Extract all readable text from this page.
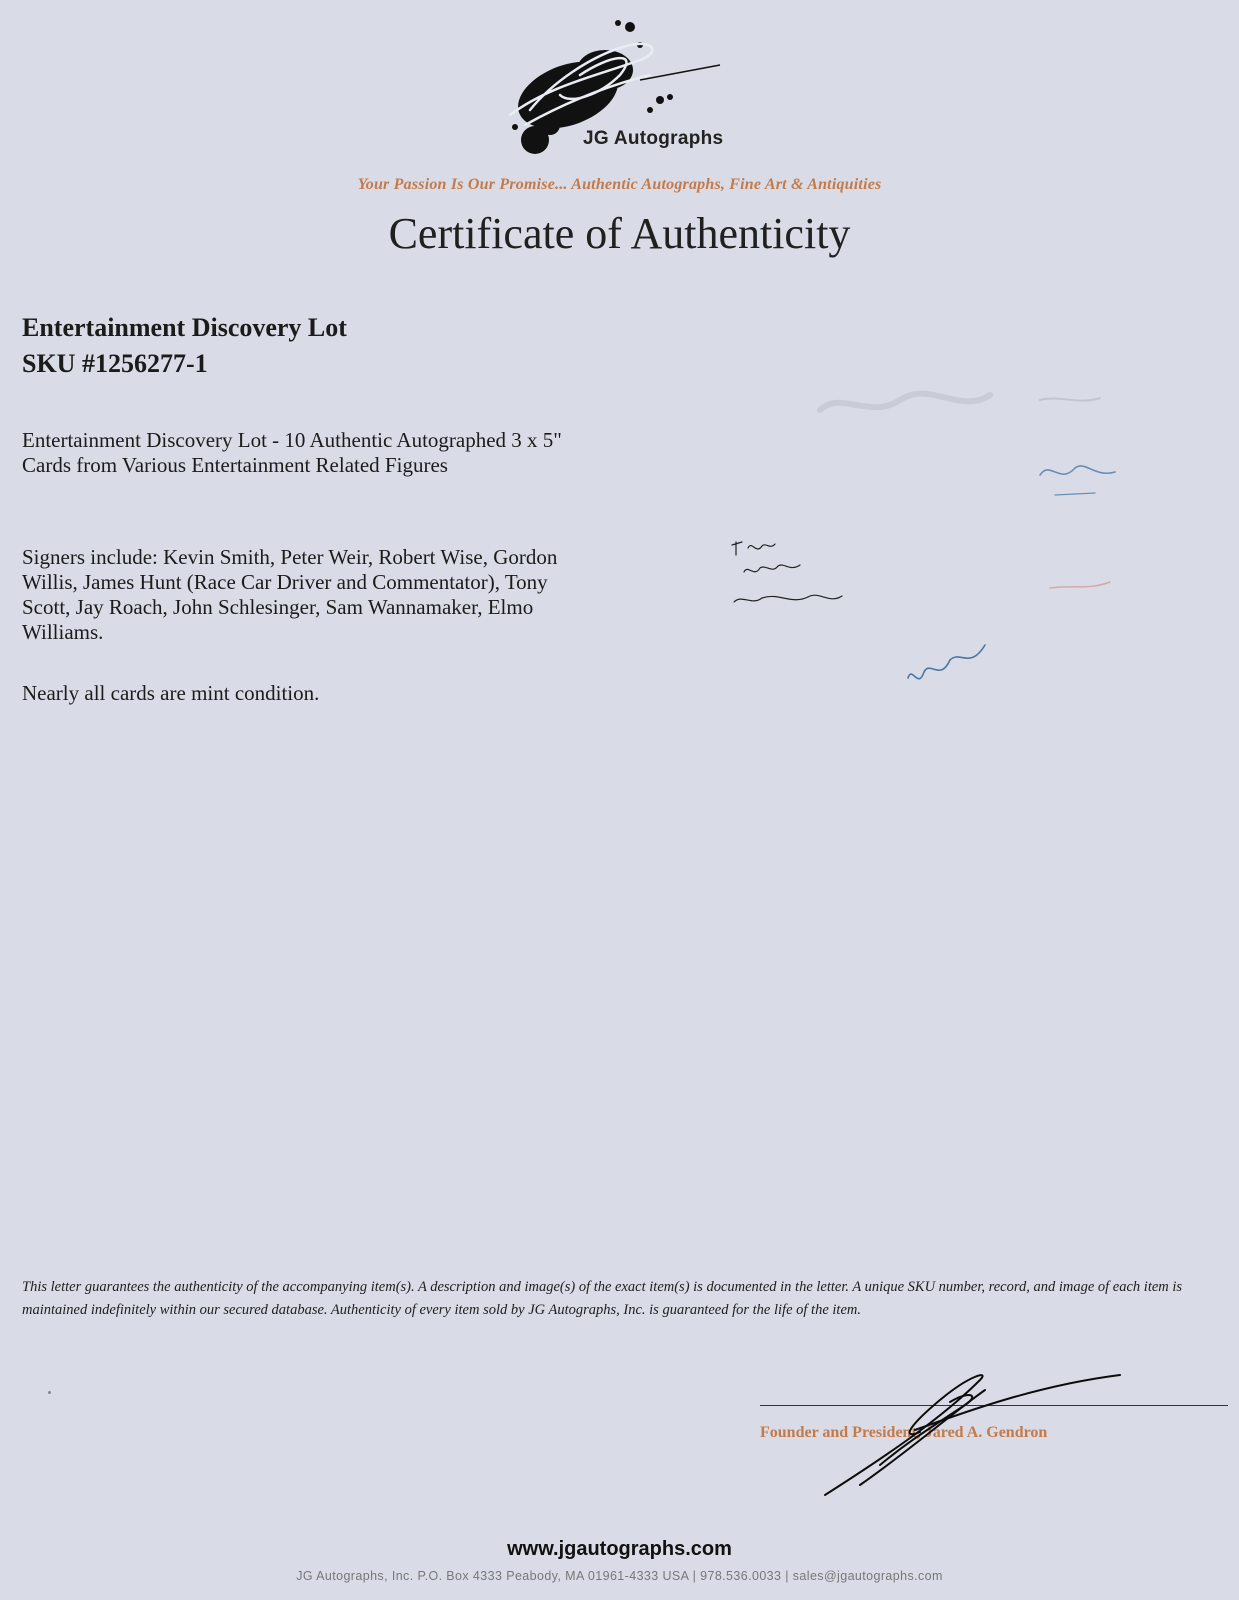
JG Autographs
Your Passion Is Our Promise... Authentic Autographs, Fine Art & Antiquities
Certificate of Authenticity
Entertainment Discovery Lot
SKU #1256277-1

Entertainment Discovery Lot - 10 Authentic Autographed 3 x 5" Cards from Various Entertainment Related Figures

Signers include: Kevin Smith, Peter Weir, Robert Wise, Gordon Willis, James Hunt (Race Car Driver and Commentator), Tony Scott, Jay Roach, John Schlesinger, Sam Wannamaker, Elmo Williams.

Nearly all cards are mint condition.

This letter guarantees the authenticity of the accompanying item(s). A description and image(s) of the exact item(s) is documented in the letter. A unique SKU number, record, and image of each item is maintained indefinitely within our secured database. Authenticity of every item sold by JG Autographs, Inc. is guaranteed for the life of the item.

Founder and President, Jared A. Gendron
www.jgautographs.com
JG Autographs, Inc. P.O. Box 4333 Peabody, MA 01961-4333 USA | 978.536.0033 | sales@jgautographs.com
